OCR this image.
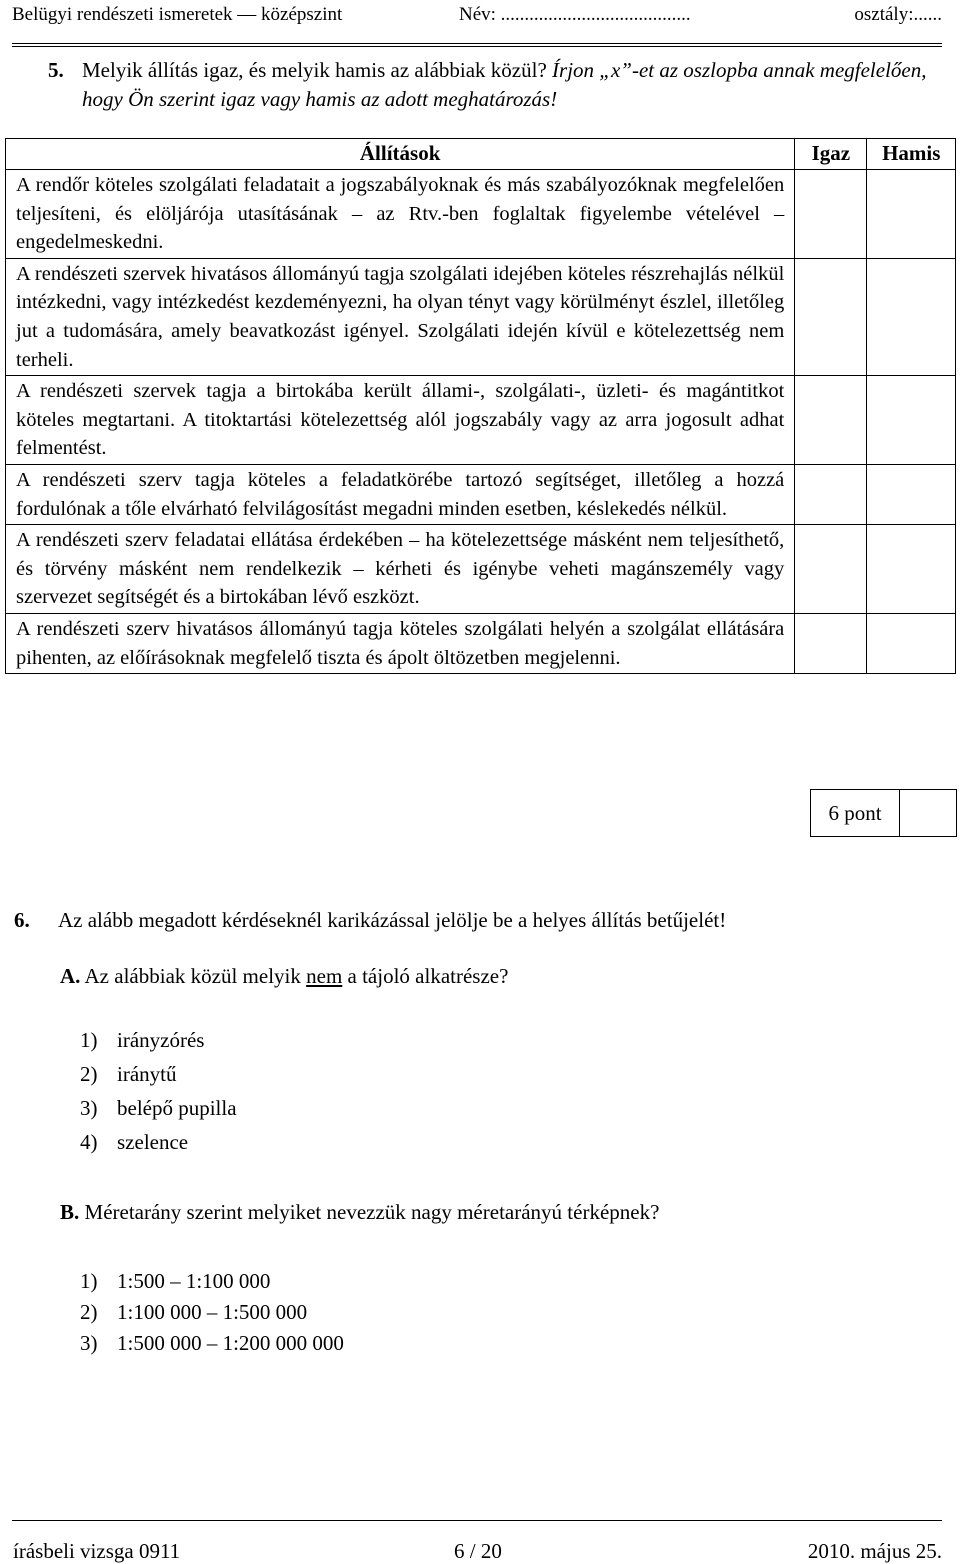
Belügyi rendészeti ismeretek — középszint	Név: ........................................	osztály:......
5. Melyik állítás igaz, és melyik hamis az alábbiak közül? Írjon „x”-et az oszlopba annak megfelelően, hogy Ön szerint igaz vagy hamis az adott meghatározás!
Állítások	Igaz	Hamis
A rendőr köteles szolgálati feladatait a jogszabályoknak és más szabályozóknak megfelelően teljesíteni, és elöljárója utasításának – az Rtv.-ben foglaltak figyelembe vételével – engedelmeskedni.		
A rendészeti szervek hivatásos állományú tagja szolgálati idejében köteles részrehajlás nélkül intézkedni, vagy intézkedést kezdeményezni, ha olyan tényt vagy körülményt észlel, illetőleg jut a tudomására, amely beavatkozást igényel. Szolgálati idején kívül e kötelezettség nem terheli.		
A rendészeti szervek tagja a birtokába került állami-, szolgálati-, üzleti- és magántitkot köteles megtartani. A titoktartási kötelezettség alól jogszabály vagy az arra jogosult adhat felmentést.		
A rendészeti szerv tagja köteles a feladatkörébe tartozó segítséget, illetőleg a hozzá fordulónak a tőle elvárható felvilágosítást megadni minden esetben, késlekedés nélkül.		
A rendészeti szerv feladatai ellátása érdekében – ha kötelezettsége másként nem teljesíthető, és törvény másként nem rendelkezik – kérheti és igénybe veheti magánszemély vagy szervezet segítségét és a birtokában lévő eszközt.		
A rendészeti szerv hivatásos állományú tagja köteles szolgálati helyén a szolgálat ellátására pihenten, az előírásoknak megfelelő tiszta és ápolt öltözetben megjelenni.		
6 pont
6. Az alább megadott kérdéseknél karikázással jelölje be a helyes állítás betűjelét!
A. Az alábbiak közül melyik nem a tájoló alkatrésze?
1) irányzórés
2) iránytű
3) belépő pupilla
4) szelence
B. Méretarány szerint melyiket nevezzük nagy méretarányú térképnek?
1) 1:500 – 1:100 000
2) 1:100 000 – 1:500 000
3) 1:500 000 – 1:200 000 000
írásbeli vizsga 0911	6 / 20	2010. május 25.
